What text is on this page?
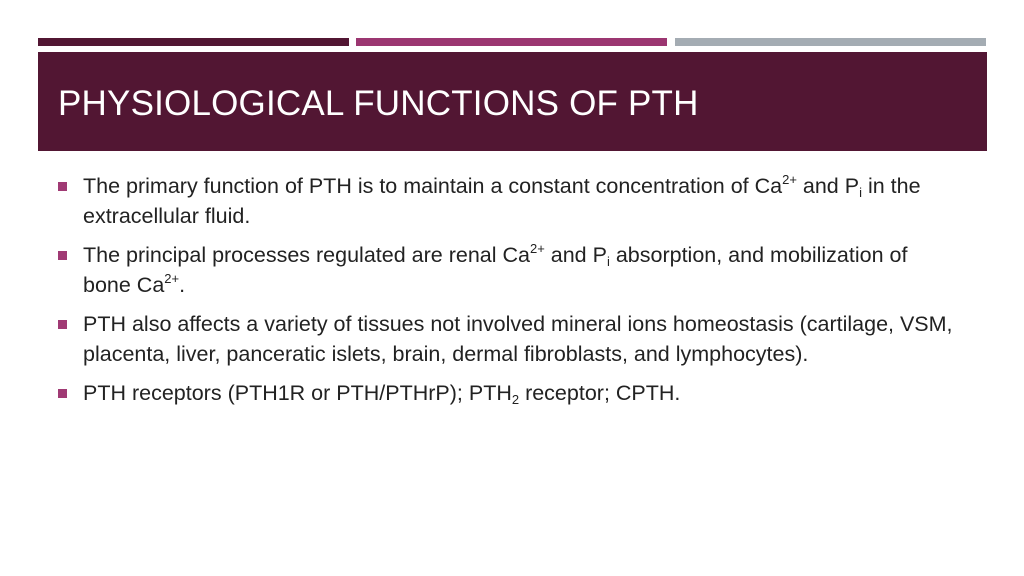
PHYSIOLOGICAL FUNCTIONS OF PTH
The primary function of PTH is to maintain a constant concentration of $Ca^{2+}$ and $P_i$ in the extracellular fluid.
The principal processes regulated are renal $Ca^{2+}$ and $P_i$ absorption, and mobilization of bone $Ca^{2+}$.
PTH also affects a variety of tissues not involved mineral ions homeostasis (cartilage, VSM, placenta, liver, panceratic islets, brain, dermal fibroblasts, and lymphocytes).
PTH receptors (PTH1R or PTH/PTHrP); $PTH_2$ receptor; CPTH.
